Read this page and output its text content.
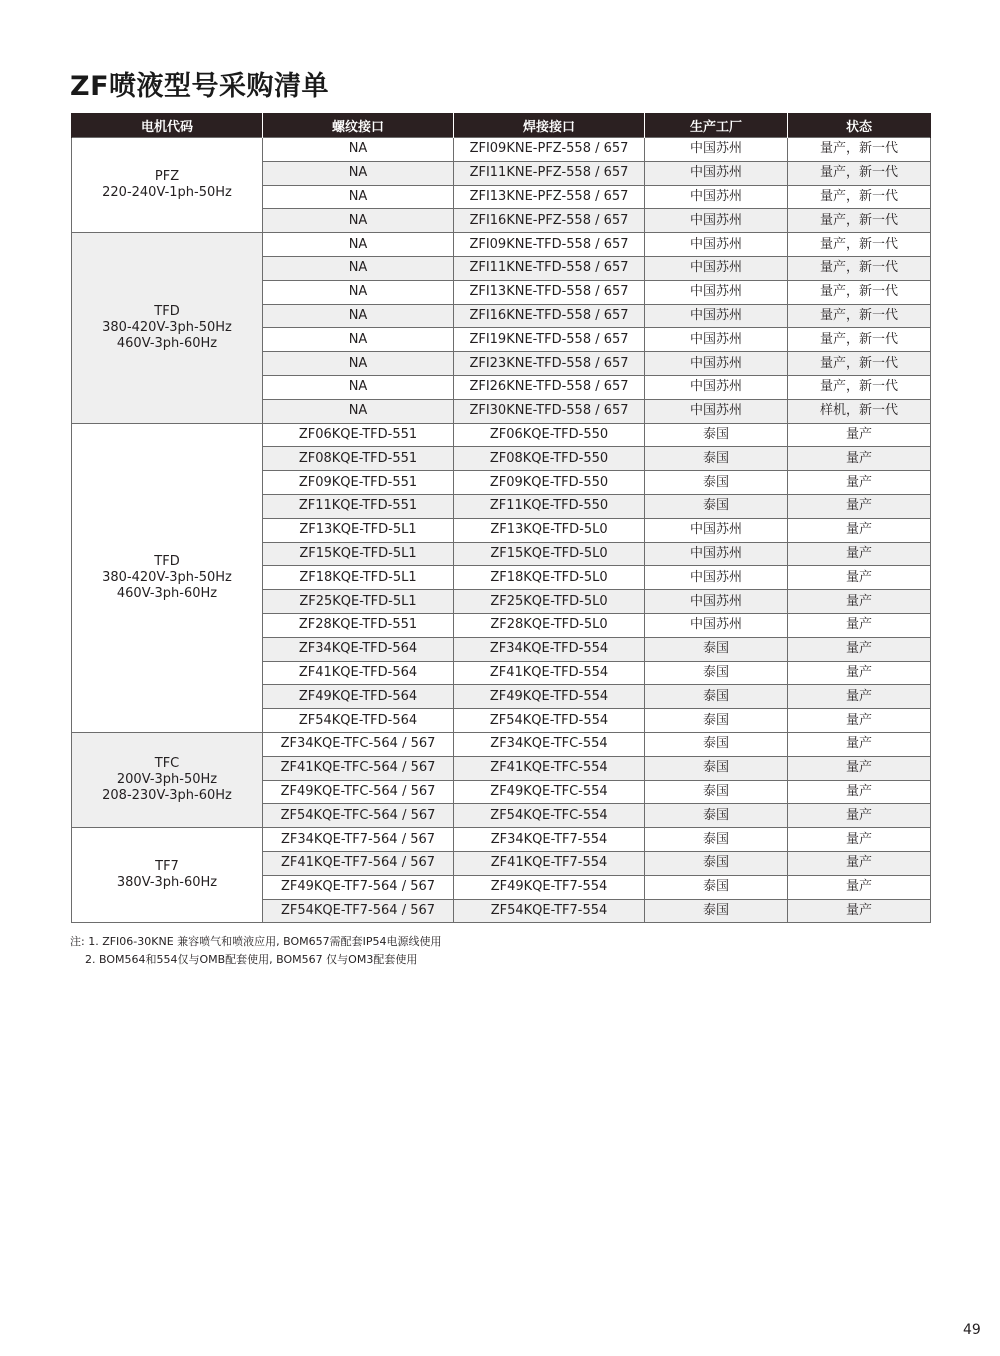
ZF喷液型号采购清单
电机代码	螺纹接口	焊接接口	生产工厂	状态

PFZ
220-240V-1ph-50Hz	NA	ZFI09KNE-PFZ-558 / 657	中国苏州	量产，新一代
	NA	ZFI11KNE-PFZ-558 / 657	中国苏州	量产，新一代
	NA	ZFI13KNE-PFZ-558 / 657	中国苏州	量产，新一代
	NA	ZFI16KNE-PFZ-558 / 657	中国苏州	量产，新一代

TFD
380-420V-3ph-50Hz
460V-3ph-60Hz	NA	ZFI09KNE-TFD-558 / 657	中国苏州	量产，新一代
	NA	ZFI11KNE-TFD-558 / 657	中国苏州	量产，新一代
	NA	ZFI13KNE-TFD-558 / 657	中国苏州	量产，新一代
	NA	ZFI16KNE-TFD-558 / 657	中国苏州	量产，新一代
	NA	ZFI19KNE-TFD-558 / 657	中国苏州	量产，新一代
	NA	ZFI23KNE-TFD-558 / 657	中国苏州	量产，新一代
	NA	ZFI26KNE-TFD-558 / 657	中国苏州	量产，新一代
	NA	ZFI30KNE-TFD-558 / 657	中国苏州	样机，新一代

TFD
380-420V-3ph-50Hz
460V-3ph-60Hz	ZF06KQE-TFD-551	ZF06KQE-TFD-550	泰国	量产
	ZF08KQE-TFD-551	ZF08KQE-TFD-550	泰国	量产
	ZF09KQE-TFD-551	ZF09KQE-TFD-550	泰国	量产
	ZF11KQE-TFD-551	ZF11KQE-TFD-550	泰国	量产
	ZF13KQE-TFD-5L1	ZF13KQE-TFD-5L0	中国苏州	量产
	ZF15KQE-TFD-5L1	ZF15KQE-TFD-5L0	中国苏州	量产
	ZF18KQE-TFD-5L1	ZF18KQE-TFD-5L0	中国苏州	量产
	ZF25KQE-TFD-5L1	ZF25KQE-TFD-5L0	中国苏州	量产
	ZF28KQE-TFD-551	ZF28KQE-TFD-5L0	中国苏州	量产
	ZF34KQE-TFD-564	ZF34KQE-TFD-554	泰国	量产
	ZF41KQE-TFD-564	ZF41KQE-TFD-554	泰国	量产
	ZF49KQE-TFD-564	ZF49KQE-TFD-554	泰国	量产
	ZF54KQE-TFD-564	ZF54KQE-TFD-554	泰国	量产

TFC
200V-3ph-50Hz
208-230V-3ph-60Hz	ZF34KQE-TFC-564 / 567	ZF34KQE-TFC-554	泰国	量产
	ZF41KQE-TFC-564 / 567	ZF41KQE-TFC-554	泰国	量产
	ZF49KQE-TFC-564 / 567	ZF49KQE-TFC-554	泰国	量产
	ZF54KQE-TFC-564 / 567	ZF54KQE-TFC-554	泰国	量产

TF7
380V-3ph-60Hz	ZF34KQE-TF7-564 / 567	ZF34KQE-TF7-554	泰国	量产
	ZF41KQE-TF7-564 / 567	ZF41KQE-TF7-554	泰国	量产
	ZF49KQE-TF7-564 / 567	ZF49KQE-TF7-554	泰国	量产
	ZF54KQE-TF7-564 / 567	ZF54KQE-TF7-554	泰国	量产
注: 1. ZFI06-30KNE 兼容喷气和喷液应用, BOM657需配套IP54电源线使用
2. BOM564和554仅与OMB配套使用, BOM567 仅与OM3配套使用
49
